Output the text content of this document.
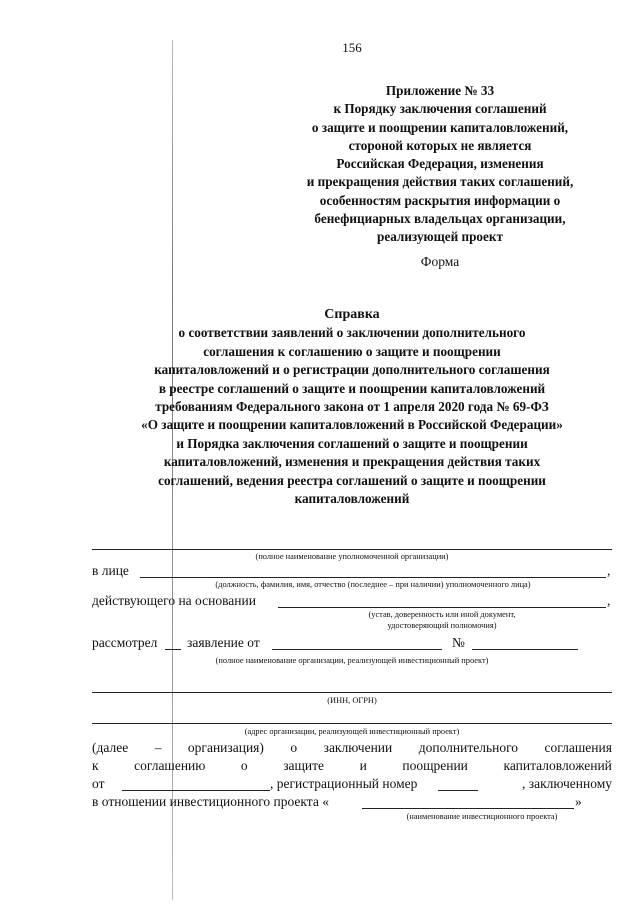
156
Приложение № 33
к Порядку заключения соглашений
о защите и поощрении капиталовложений,
стороной которых не является
Российская Федерация, изменения
и прекращения действия таких соглашений,
особенностям раскрытия информации о
бенефициарных владельцах организации,
реализующей проект
Форма
Справка
о соответствии заявлений о заключении дополнительного
соглашения к соглашению о защите и поощрении
капиталовложений и о регистрации дополнительного соглашения
в реестре соглашений о защите и поощрении капиталовложений
требованиям Федерального закона от 1 апреля 2020 года № 69-ФЗ
«О защите и поощрении капиталовложений в Российской Федерации»
и Порядка заключения соглашений о защите и поощрении
капиталовложений, изменения и прекращения действия таких
соглашений, ведения реестра соглашений о защите и поощрении
капиталовложений
(полное наименование уполномоченной организации)
в лице	,
(должность, фамилия, имя, отчество (последнее – при наличии) уполномоченного лица)
действующего на основании	,
(устав, доверенность или иной документ,
удостоверяющий полномочия)
рассмотрел заявление от	№
(полное наименование организации, реализующей инвестиционный проект)
(ИНН, ОГРН)
(адрес организации, реализующей инвестиционный проект)
(далее – организация) о заключении дополнительного соглашения
к	соглашению	о	защите	и	поощрении	капиталовложений
от	, регистрационный номер	, заключенному
в отношении инвестиционного проекта «	»
(наименование инвестиционного проекта)
